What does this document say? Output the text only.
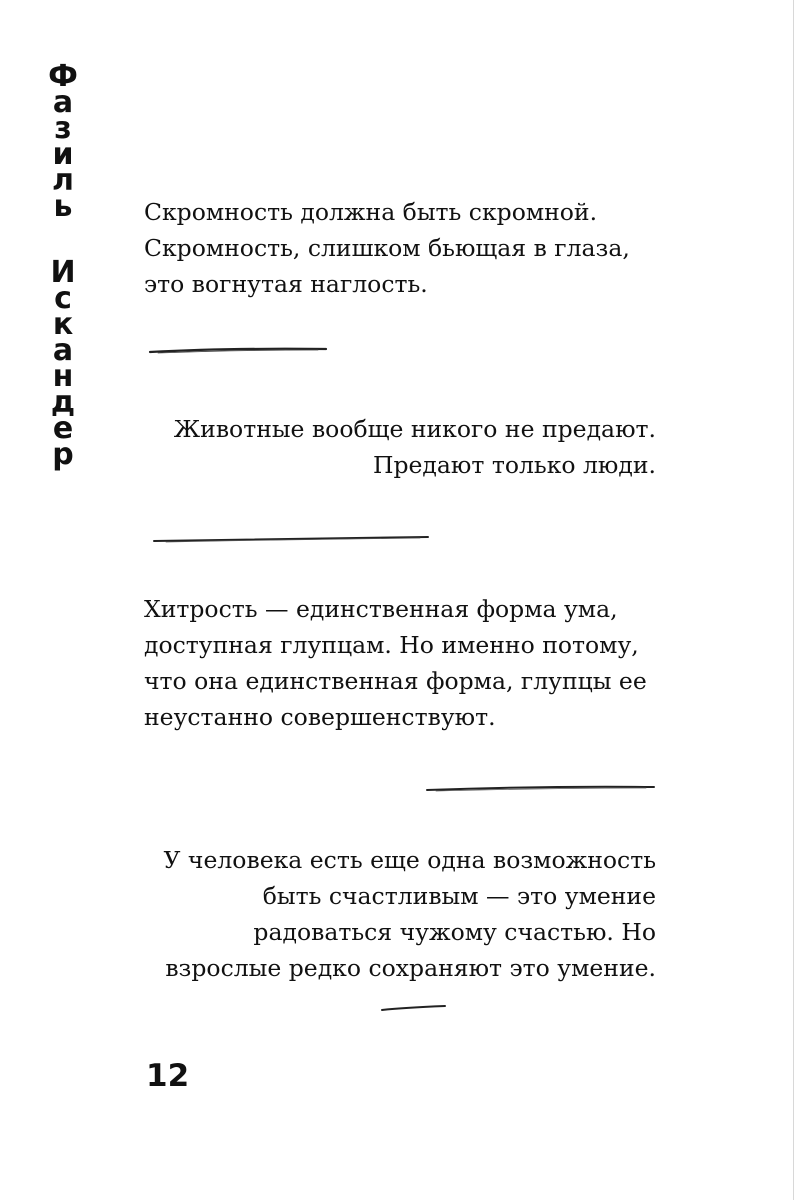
Ф
а
з
и
л
ь
И
с
к
а
н
д
е
р
Скромность должна быть скромной.
Скромность, слишком бьющая в глаза,
это вогнутая наглость.
Животные вообще никого не предают.
Предают только люди.
Хитрость — единственная форма ума,
доступная глупцам. Но именно потому,
что она единственная форма, глупцы ее
неустанно совершенствуют.
У человека есть еще одна возможность
быть счастливым — это умение
радоваться чужому счастью. Но
взрослые редко сохраняют это умение.
12
